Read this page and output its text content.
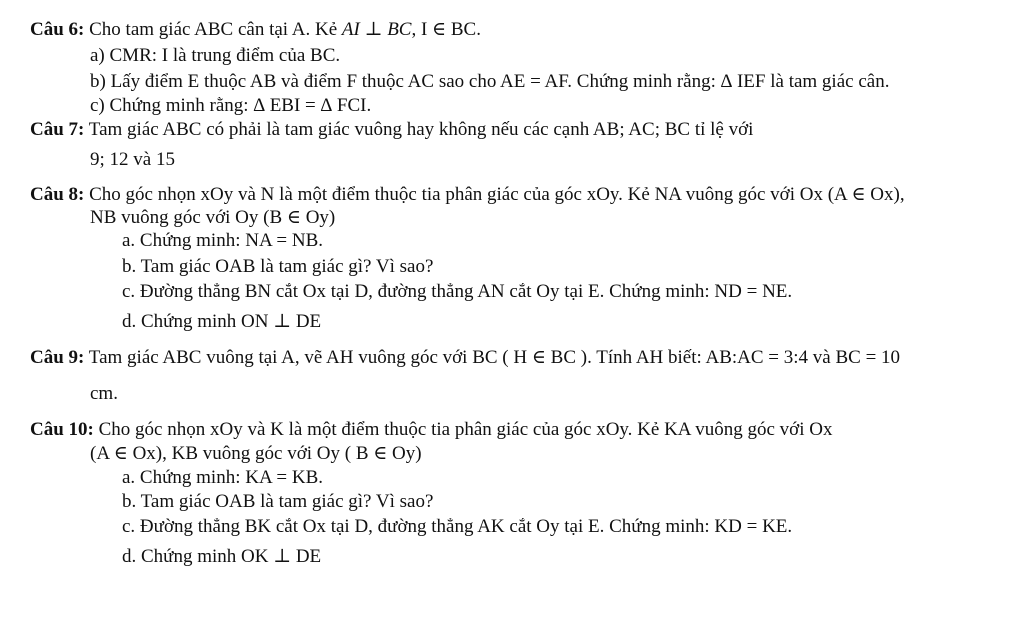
Câu 6: Cho tam giác ABC cân tại A. Kẻ AI ⊥ BC, I ∈ BC.
a) CMR: I là trung điểm của BC.
b) Lấy điểm E thuộc AB và điểm F thuộc AC sao cho AE = AF. Chứng minh rằng: ∆ IEF là tam giác cân.
c) Chứng minh rằng: ∆ EBI = ∆ FCI.
Câu 7: Tam giác ABC có phải là tam giác vuông hay không nếu các cạnh AB; AC; BC tỉ lệ với
9; 12 và 15
Câu 8: Cho góc nhọn xOy và N là một điểm thuộc tia phân giác của góc xOy. Kẻ NA vuông góc với Ox (A ∈ Ox),
NB vuông góc với Oy (B ∈ Oy)
a. Chứng minh: NA = NB.
b. Tam giác OAB là tam giác gì? Vì sao?
c. Đường thẳng BN cắt Ox tại D, đường thẳng AN cắt Oy tại E. Chứng minh: ND = NE.
d. Chứng minh ON ⊥ DE
Câu 9: Tam giác ABC vuông tại A, vẽ AH vuông góc với BC ( H ∈ BC ). Tính AH biết: AB:AC = 3:4 và BC = 10
cm.
Câu 10: Cho góc nhọn xOy và K là một điểm thuộc tia phân giác của góc xOy. Kẻ KA vuông góc với Ox
(A ∈ Ox), KB vuông góc với Oy ( B ∈ Oy)
a. Chứng minh: KA = KB.
b. Tam giác OAB là tam giác gì? Vì sao?
c. Đường thẳng BK cắt Ox tại D, đường thẳng AK cắt Oy tại E. Chứng minh: KD = KE.
d. Chứng minh OK ⊥ DE
